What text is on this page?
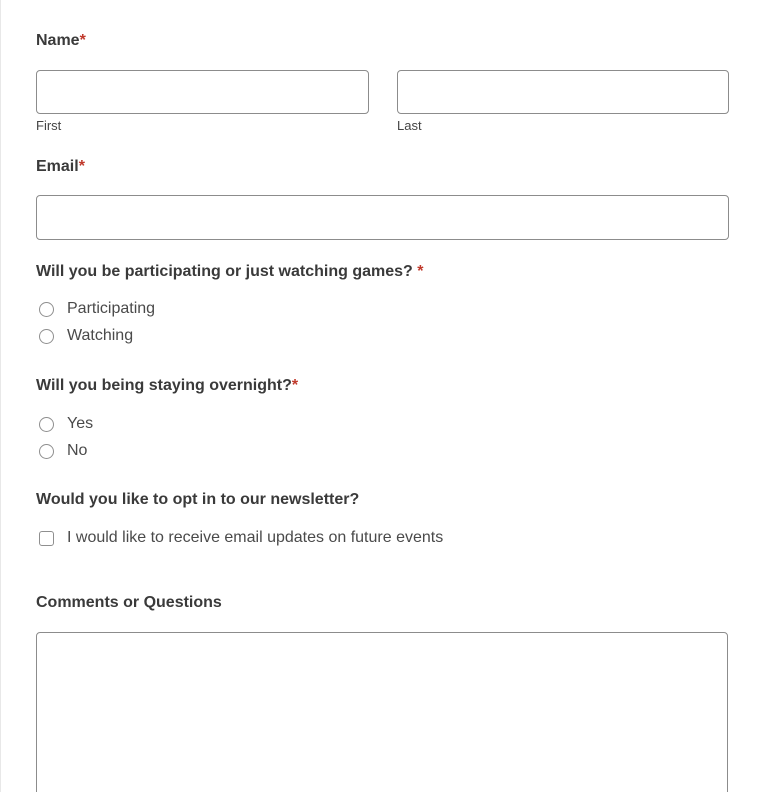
Name*
First	Last
Email*
Will you be participating or just watching games? *
Participating
Watching
Will you being staying overnight?*
Yes
No
Would you like to opt in to our newsletter?
I would like to receive email updates on future events
Comments or Questions
